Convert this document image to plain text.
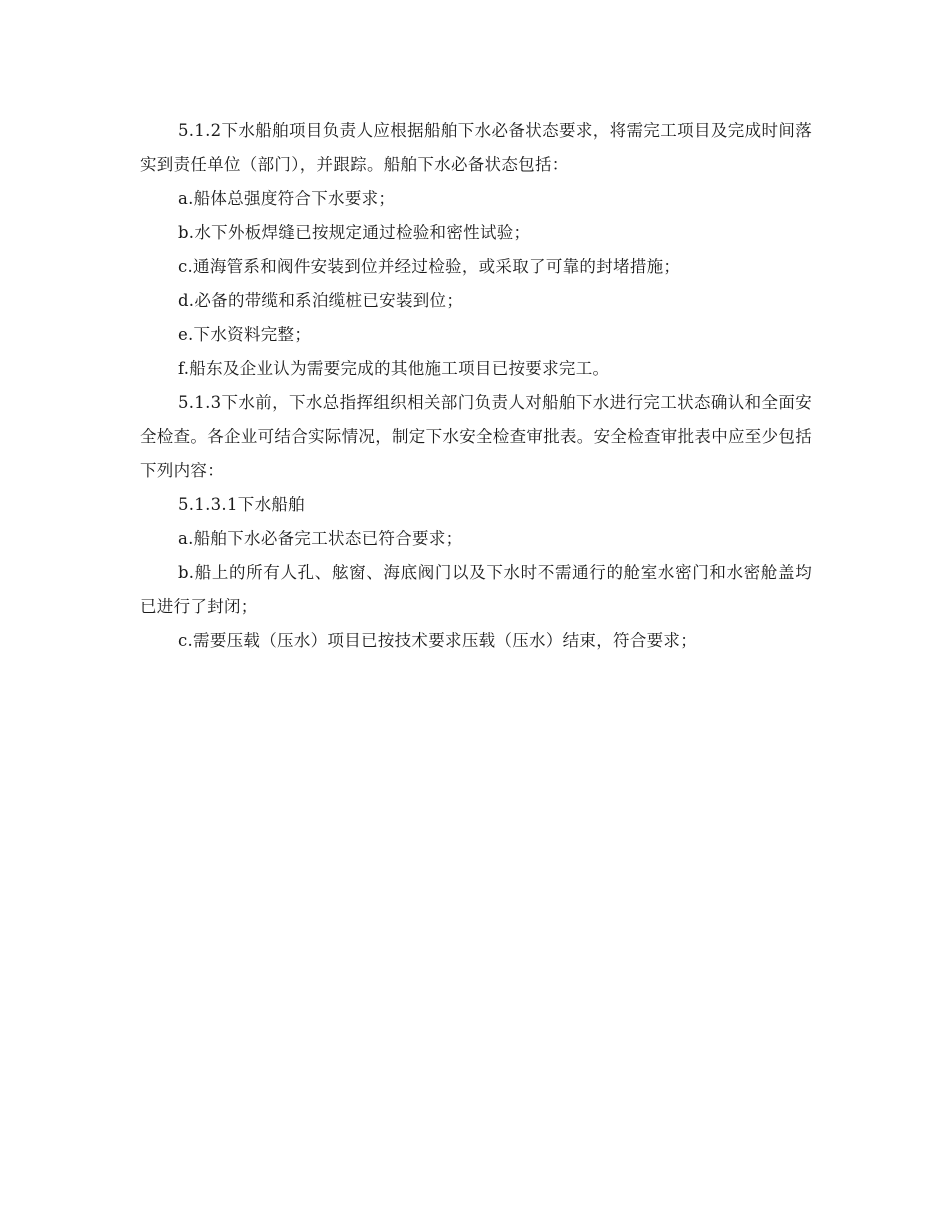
5.1.2下水船舶项目负责人应根据船舶下水必备状态要求，将需完工项目及完成时间落实到责任单位（部门），并跟踪。船舶下水必备状态包括：

a.船体总强度符合下水要求；

b.水下外板焊缝已按规定通过检验和密性试验；

c.通海管系和阀件安装到位并经过检验，或采取了可靠的封堵措施；

d.必备的带缆和系泊缆桩已安装到位；

e.下水资料完整；

f.船东及企业认为需要完成的其他施工项目已按要求完工。

5.1.3下水前，下水总指挥组织相关部门负责人对船舶下水进行完工状态确认和全面安全检查。各企业可结合实际情况，制定下水安全检查审批表。安全检查审批表中应至少包括下列内容：

5.1.3.1下水船舶

a.船舶下水必备完工状态已符合要求；

b.船上的所有人孔、舷窗、海底阀门以及下水时不需通行的舱室水密门和水密舱盖均已进行了封闭；

c.需要压载（压水）项目已按技术要求压载（压水）结束，符合要求；
